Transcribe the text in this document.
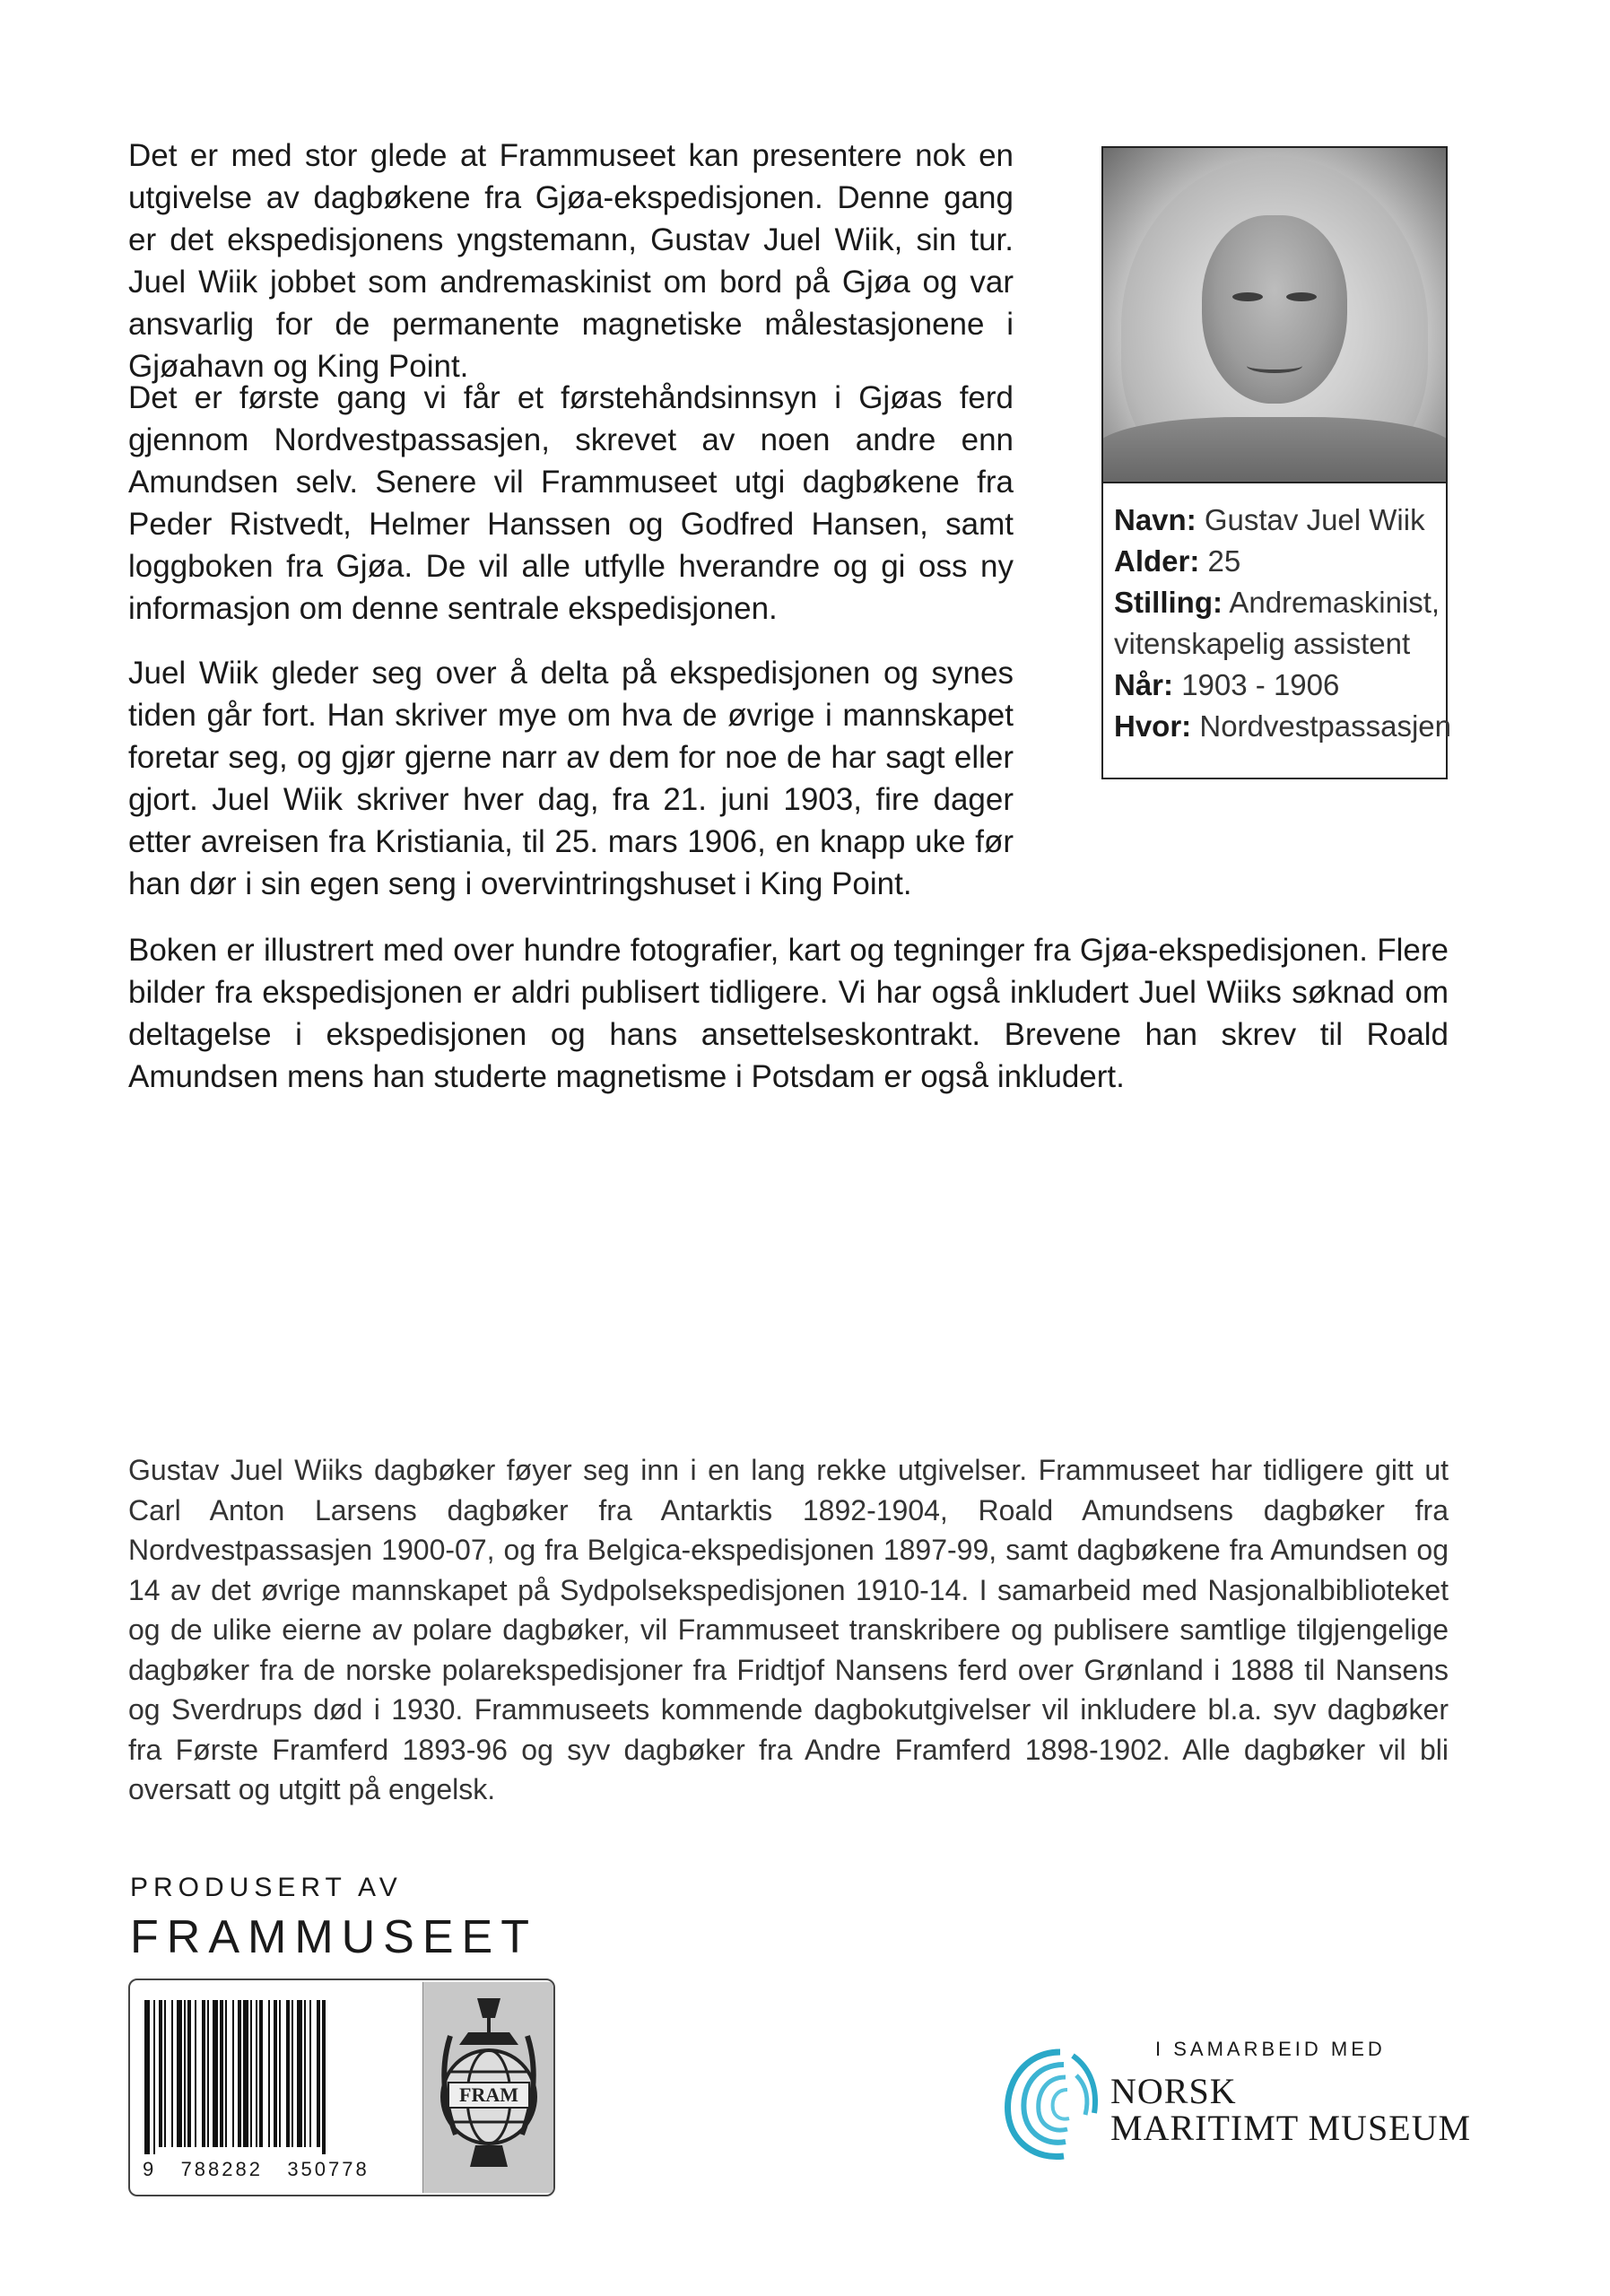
Det er med stor glede at Frammuseet kan presentere nok en utgivelse av dagbøkene fra Gjøa-ekspedisjonen. Denne gang er det ekspedisjonens yngstemann, Gustav Juel Wiik, sin tur. Juel Wiik jobbet som andremaskinist om bord på Gjøa og var ansvarlig for de permanente magnetiske målestasjonene i Gjøahavn og King Point.

Det er første gang vi får et førstehåndsinnsyn i Gjøas ferd gjennom Nordvestpassasjen, skrevet av noen andre enn Amundsen selv. Senere vil Frammuseet utgi dagbøkene fra Peder Ristvedt, Helmer Hanssen og Godfred Hansen, samt loggboken fra Gjøa. De vil alle utfylle hverandre og gi oss ny informasjon om denne sentrale ekspedisjonen.

Juel Wiik gleder seg over å delta på ekspedisjonen og synes tiden går fort. Han skriver mye om hva de øvrige i mannskapet foretar seg, og gjør gjerne narr av dem for noe de har sagt eller gjort. Juel Wiik skriver hver dag, fra 21. juni 1903, fire dager etter avreisen fra Kristiania, til 25. mars 1906, en knapp uke før han dør i sin egen seng i overvintringshuset i King Point.

Boken er illustrert med over hundre fotografier, kart og tegninger fra Gjøa-ekspedisjonen. Flere bilder fra ekspedisjonen er aldri publisert tidligere. Vi har også inkludert Juel Wiiks søknad om deltagelse i ekspedisjonen og hans ansettelseskontrakt. Brevene han skrev til Roald Amundsen mens han studerte magnetisme i Potsdam er også inkludert.

Navn: Gustav Juel Wiik
Alder: 25
Stilling: Andremaskinist,
vitenskapelig assistent
Når: 1903 - 1906
Hvor: Nordvestpassasjen

Gustav Juel Wiiks dagbøker føyer seg inn i en lang rekke utgivelser. Frammuseet har tidligere gitt ut Carl Anton Larsens dagbøker fra Antarktis 1892-1904, Roald Amundsens dagbøker fra Nordvestpassasjen 1900-07, og fra Belgica-ekspedisjonen 1897-99, samt dagbøkene fra Amundsen og 14 av det øvrige mannskapet på Sydpolsekspedisjonen 1910-14. I samarbeid med Nasjonalbiblioteket og de ulike eierne av polare dagbøker, vil Frammuseet transkribere og publisere samtlige tilgjengelige dagbøker fra de norske polarekspedisjoner fra Fridtjof Nansens ferd over Grønland i 1888 til Nansens og Sverdrups død i 1930. Frammuseets kommende dagbokutgivelser vil inkludere bl.a. syv dagbøker fra Første Framferd 1893-96 og syv dagbøker fra Andre Framferd 1898-1902. Alle dagbøker vil bli oversatt og utgitt på engelsk.

PRODUSERT AV
FRAMMUSEET
9   788282   350778
FRAM
I SAMARBEID MED
NORSK
MARITIMT MUSEUM
